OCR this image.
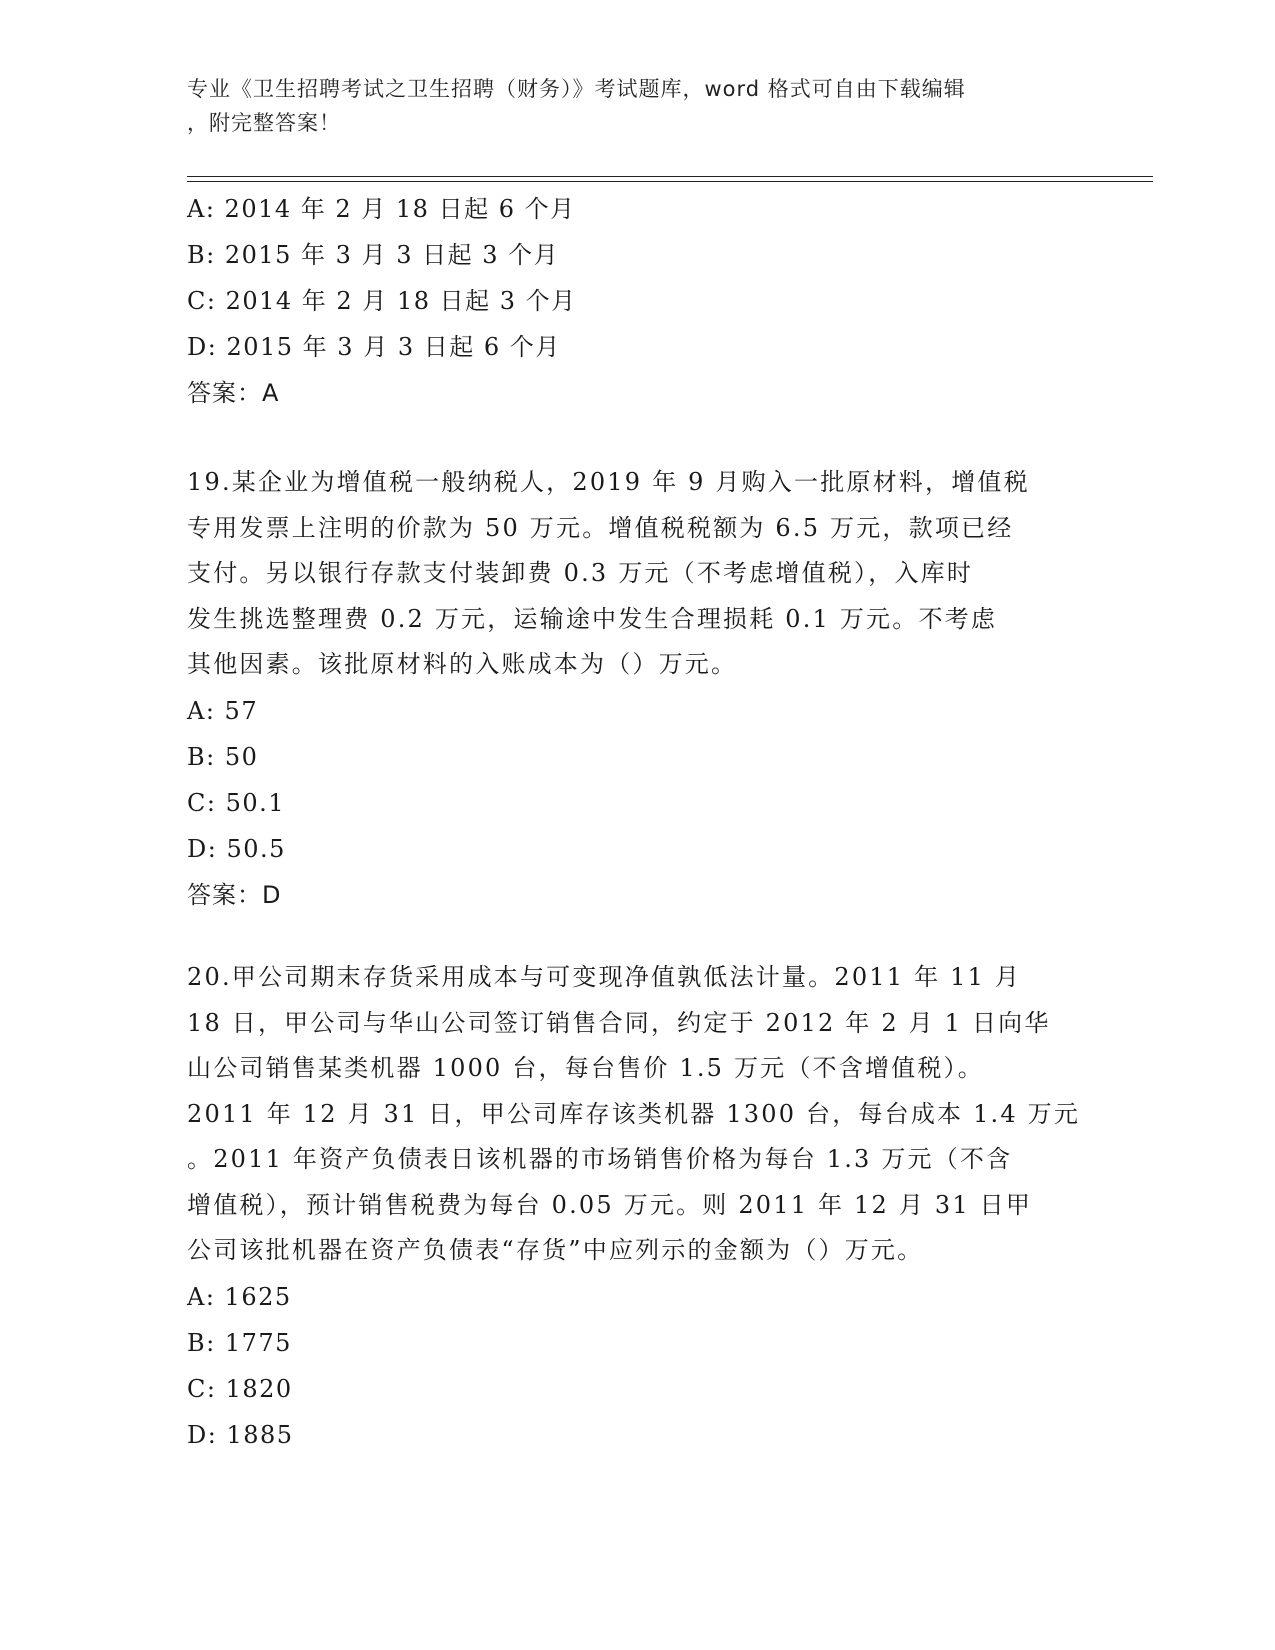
专业《卫生招聘考试之卫生招聘（财务）》考试题库，word 格式可自由下载编辑
，附完整答案！
A: 2014 年 2 月 18 日起 6 个月
B: 2015 年 3 月 3 日起 3 个月
C: 2014 年 2 月 18 日起 3 个月
D: 2015 年 3 月 3 日起 6 个月
答案：A
19.某企业为增值税一般纳税人，2019 年 9 月购入一批原材料，增值税
专用发票上注明的价款为 50 万元。增值税税额为 6.5 万元，款项已经
支付。另以银行存款支付装卸费 0.3 万元（不考虑增值税），入库时
发生挑选整理费 0.2 万元，运输途中发生合理损耗 0.1 万元。不考虑
其他因素。该批原材料的入账成本为（）万元。
A: 57
B: 50
C: 50.1
D: 50.5
答案：D
20.甲公司期末存货采用成本与可变现净值孰低法计量。2011 年 11 月
18 日，甲公司与华山公司签订销售合同，约定于 2012 年 2 月 1 日向华
山公司销售某类机器 1000 台，每台售价 1.5 万元（不含增值税）。
2011 年 12 月 31 日，甲公司库存该类机器 1300 台，每台成本 1.4 万元
。2011 年资产负债表日该机器的市场销售价格为每台 1.3 万元（不含
增值税），预计销售税费为每台 0.05 万元。则 2011 年 12 月 31 日甲
公司该批机器在资产负债表“存货”中应列示的金额为（）万元。
A: 1625
B: 1775
C: 1820
D: 1885
